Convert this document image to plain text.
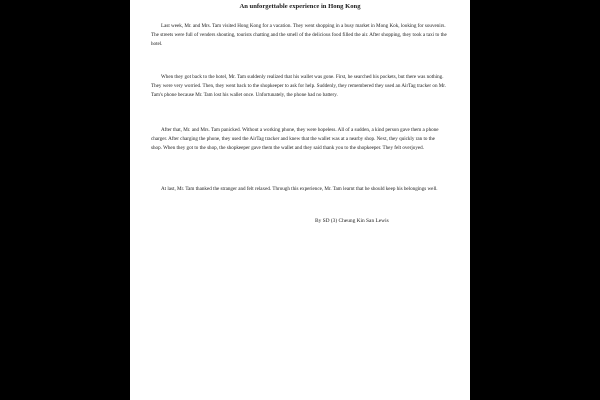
An unforgettable experience in Hong Kong

Last week, Mr. and Mrs. Tam visited Hong Kong for a vacation. They went shopping in a busy market in Mong Kok, looking for souvenirs. The streets were full of venders shouting, tourists chatting and the smell of the delicious food filled the air. After shopping, they took a taxi to the hotel.

When they got back to the hotel, Mr. Tam suddenly realized that his wallet was gone. First, he searched his pockets, but there was nothing. They were very worried. Then, they went back to the shopkeeper to ask for help. Suddenly, they remembered they used an AirTag tracker on Mr. Tam's phone because Mr. Tam lost his wallet once. Unfortunately, the phone had no battery.

After that, Mr. and Mrs. Tam panicked. Without a working phone, they were hopeless. All of a sudden, a kind person gave them a phone charger. After charging the phone, they used the AirTag tracker and knew that the wallet was at a nearby shop. Next, they quickly ran to the shop. When they got to the shop, the shopkeeper gave them the wallet and they said thank you to the shopkeeper. They felt overjoyed.

At last, Mr. Tam thanked the stranger and felt relaxed. Through this experience, Mr. Tam learnt that he should keep his belongings well.

By SD (3) Cheung Kin San Lewis
